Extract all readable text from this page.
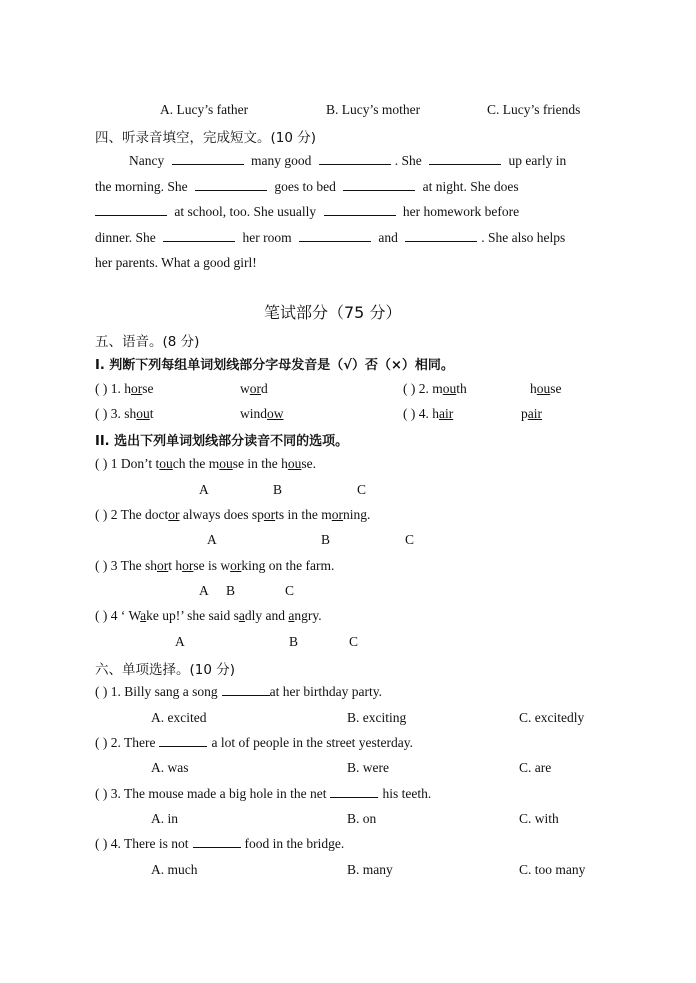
A. Lucy’s father	B. Lucy’s mother	C. Lucy’s friends
四、听录音填空，完成短文。(10 分)
Nancy	many good	. She	up early in
the morning. She	goes to bed	at night. She does
at school, too. She usually	her homework before
dinner. She	her room	and	. She also helps
her parents. What a good girl!
笔试部分（75 分）
五、语音。(8 分)
I. 判断下列每组单词划线部分字母发音是（√）否（×）相同。
( ) 1. horse	word	( ) 2. mouth	house
( ) 3. shout	window	( ) 4. hair	pair
II. 选出下列单词划线部分读音不同的选项。
( ) 1 Don’t touch the mouse in the house.
A	B	C
( ) 2 The doctor always does sports in the morning.
A	B	C
( ) 3 The short horse is working on the farm.
A B	C
( ) 4 ‘ Wake up!’ she said sadly and angry.
A	B	C
六、单项选择。(10 分)
( ) 1. Billy sang a song	at her birthday party.
A. excited	B. exciting	C. excitedly
( ) 2. There	a lot of people in the street yesterday.
A. was	B. were	C. are
( ) 3. The mouse made a big hole in the net	his teeth.
A. in	B. on	C. with
( ) 4. There is not	food in the bridge.
A. much	B. many	C. too many
